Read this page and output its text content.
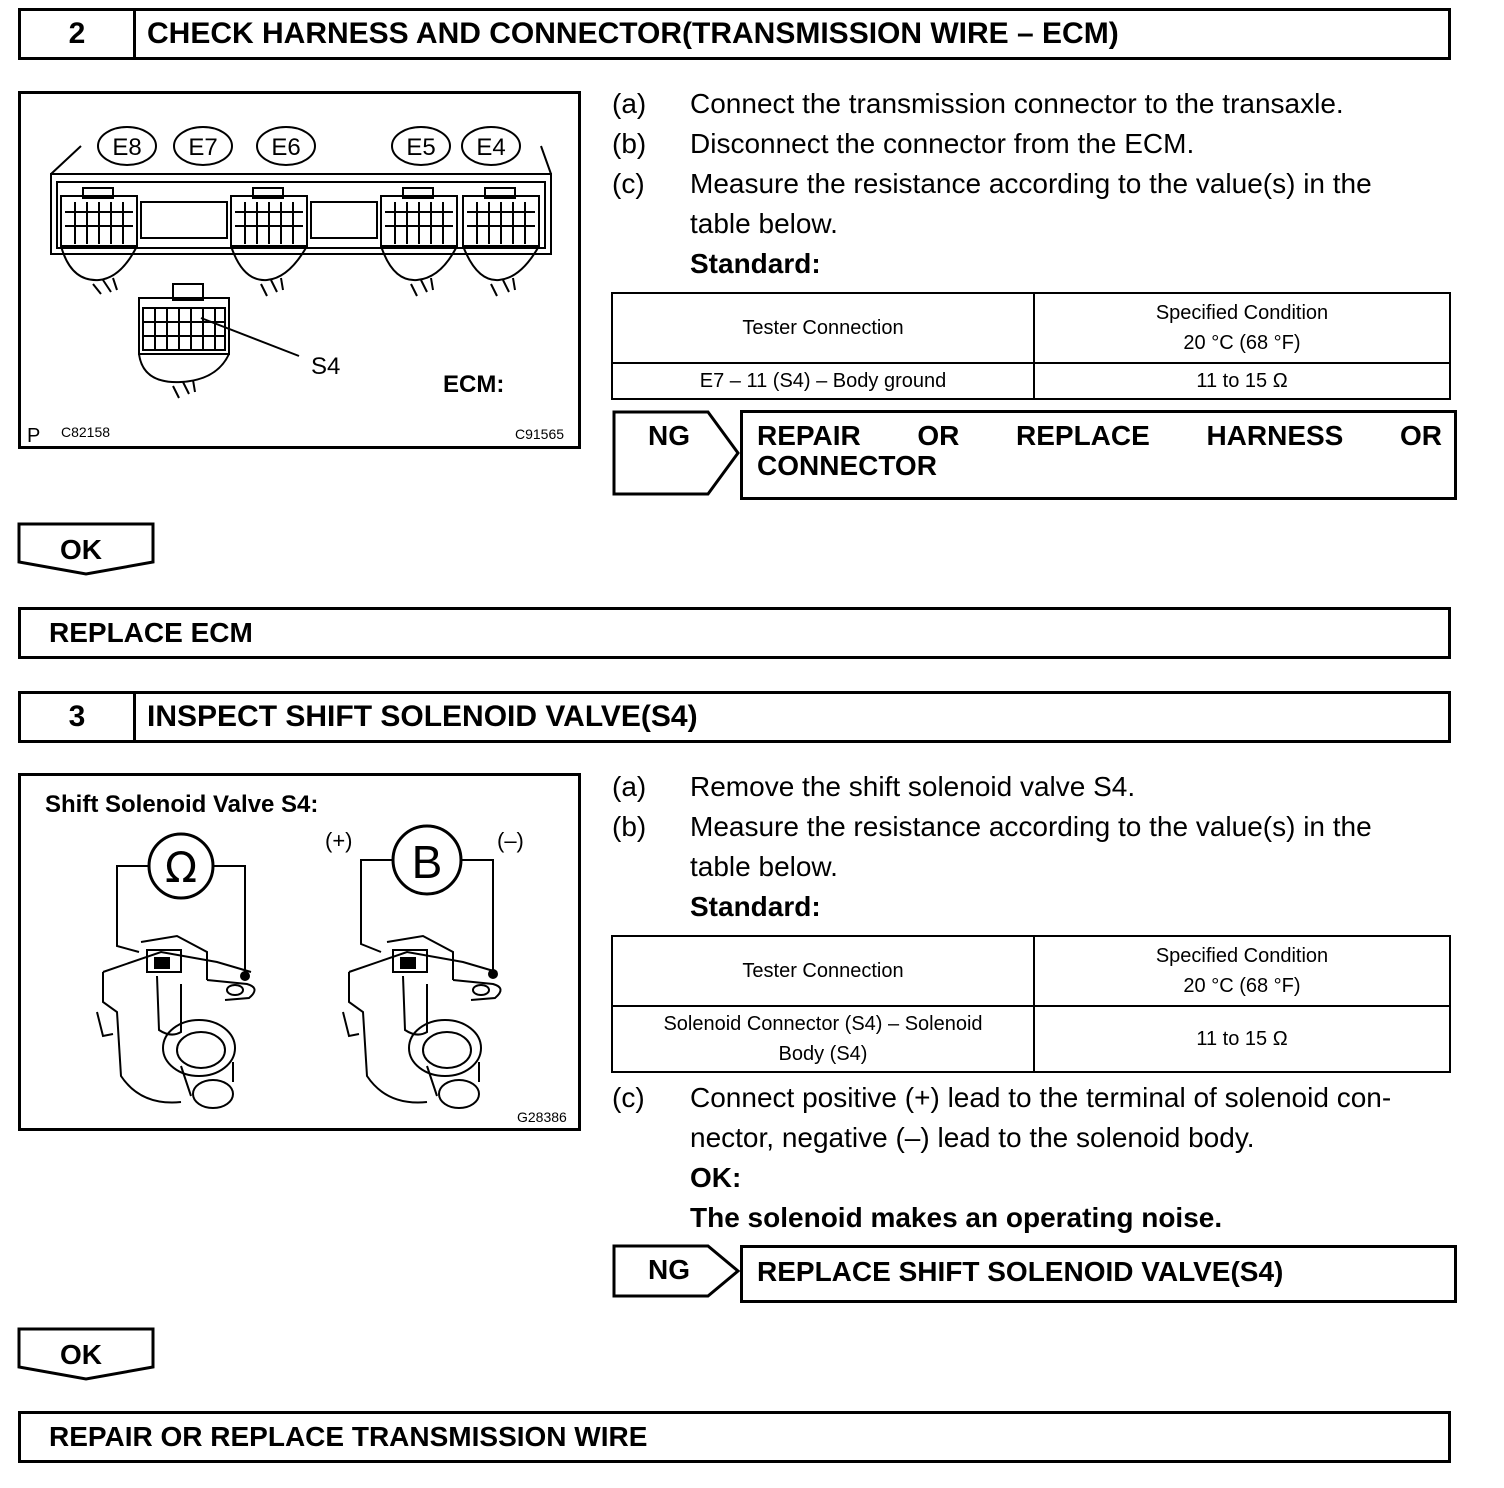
2	CHECK HARNESS AND CONNECTOR(TRANSMISSION WIRE – ECM)
E8 E7 E6	E5 E4
S4
ECM:
P C82158	C91565
(a) Connect the transmission connector to the transaxle.
(b) Disconnect the connector from the ECM.
(c) Measure the resistance according to the value(s) in the
table below.
Standard:
Tester Connection	Specified Condition
20 °C (68 °F)

E7 – 11 (S4) – Body ground	11 to 15 Ω
NG REPAIR OR REPLACE HARNESS OR
CONNECTOR
OK
REPLACE ECM
3	INSPECT SHIFT SOLENOID VALVE(S4)
Shift Solenoid Valve S4:
Ω	B
(+)	(–)
G28386
(a) Remove the shift solenoid valve S4.
(b) Measure the resistance according to the value(s) in the
table below.
Standard:
Tester Connection	Specified Condition
20 °C (68 °F)

Solenoid Connector (S4) – Solenoid
Body (S4)	11 to 15 Ω
(c) Connect positive (+) lead to the terminal of solenoid con-
nector, negative (–) lead to the solenoid body.
OK:
The solenoid makes an operating noise.
NG REPLACE SHIFT SOLENOID VALVE(S4)
OK
REPAIR OR REPLACE TRANSMISSION WIRE
